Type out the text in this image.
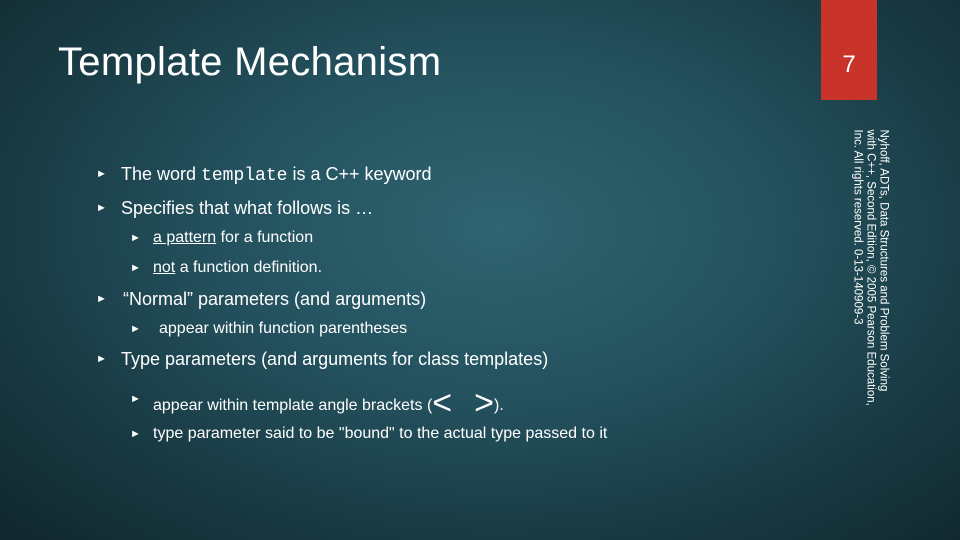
Template Mechanism	7
Nyhoff, ADTs, Data Structures and Problem Solving with C++, Second Edition, © 2005 Pearson Education, Inc. All rights reserved. 0-13-140909-3
► The word template is a C++ keyword
► Specifies that what follows is …
► a pattern for a function
► not a function definition.
► “Normal” parameters (and arguments)
► appear within function parentheses
► Type parameters (and arguments for class templates)
► appear within template angle brackets (< >).
► type parameter said to be "bound" to the actual type passed to it
